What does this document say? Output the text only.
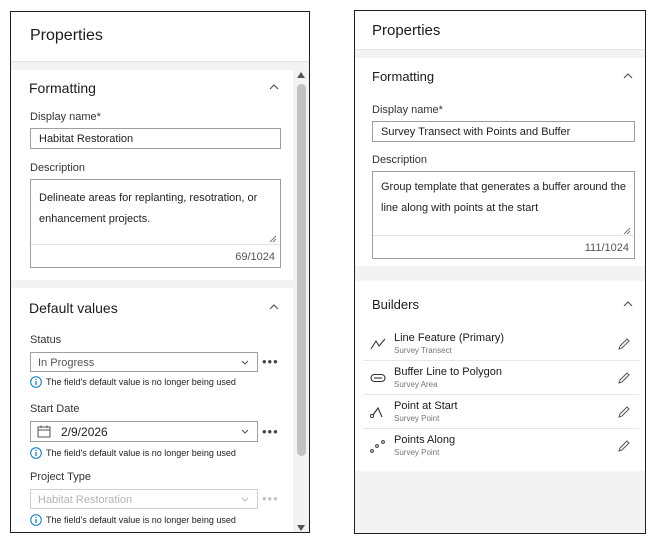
Properties
Formatting
Display name*
Habitat Restoration
Description
Delineate areas for replanting, resotration, or enhancement projects.
69/1024
Default values
Status
In Progress	•••
The field's default value is no longer being used
Start Date
2/9/2026	•••
The field's default value is no longer being used
Project Type
Habitat Restoration	•••
The field's default value is no longer being used
Properties
Formatting
Display name*
Survey Transect with Points and Buffer
Description
Group template that generates a buffer around the line along with points at the start
111/1024
Builders
Line Feature (Primary)
Survey Transect
Buffer Line to Polygon
Survey Area
Point at Start
Survey Point
Points Along
Survey Point
